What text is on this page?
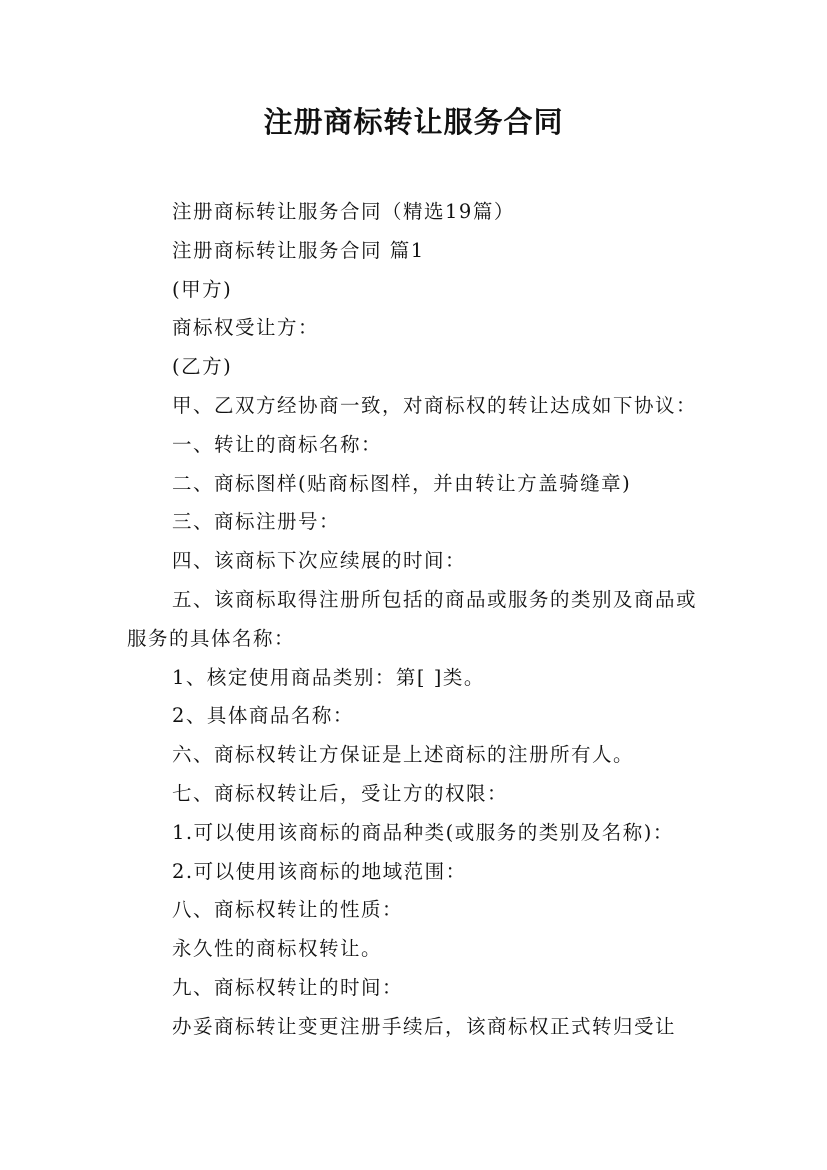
注册商标转让服务合同

注册商标转让服务合同（精选19篇）

注册商标转让服务合同 篇1

(甲方)

商标权受让方：

(乙方)

甲、乙双方经协商一致，对商标权的转让达成如下协议：

一、转让的商标名称：

二、商标图样(贴商标图样，并由转让方盖骑缝章)

三、商标注册号：

四、该商标下次应续展的时间：

五、该商标取得注册所包括的商品或服务的类别及商品或服务的具体名称：

1、核定使用商品类别：第[ ]类。

2、具体商品名称：

六、商标权转让方保证是上述商标的注册所有人。

七、商标权转让后，受让方的权限：

1.可以使用该商标的商品种类(或服务的类别及名称)：

2.可以使用该商标的地域范围：

八、商标权转让的性质：

永久性的商标权转让。

九、商标权转让的时间：

办妥商标转让变更注册手续后，该商标权正式转归受让
